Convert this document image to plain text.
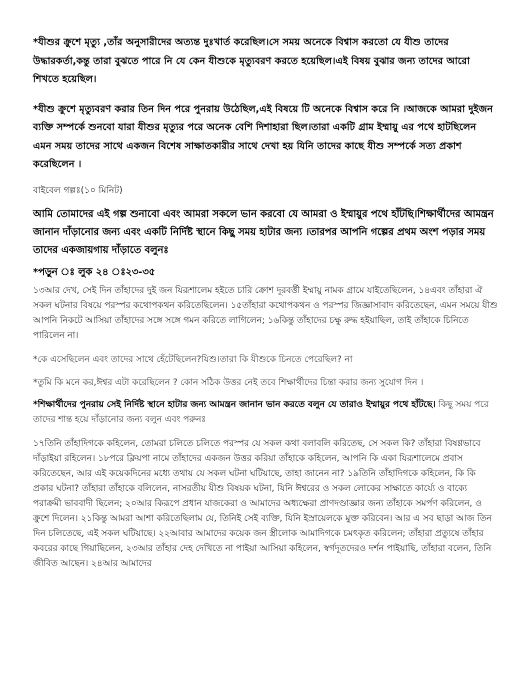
*যীশুর ক্রুশে মৃত্যু ,তাঁর অনুসারীদের অত্যন্ত দুঃখার্ত করেছিল।সে সময় অনেকে বিশ্বাস করতো যে যীশু তাদের উদ্ধারকর্তা,কন্তু তারা বুঝতে পারে নি যে কেন যীশুকে মৃত্যুবরণ করতে হয়েছিল।এই বিষয় বুঝার জন্য তাদের আরো শিখতে হয়েছিল।

*যীশু ক্রুশে মৃত্যুবরণ করার তিন দিন পরে পুনরায় উঠেছিল,এই বিষয়ে টি অনেকে বিশ্বাস করে নি ।আজকে আমরা দুইজন ব্যক্তি সম্পর্কে শুনবো যারা যীশুর মৃত্যুর পরে অনেক বেশি দিশাহারা ছিল।তারা একটি গ্রাম ইম্মায়ু এর পথে হাটছিলেন এমন সময় তাদের সাথে একজন বিশেষ সাক্ষাতকারীর সাথে দেখা হয় যিনি তাদের কাছে যীশু সম্পর্কে সত্য প্রকাশ করেছিলেন ।

বাইবেল গল্পঃ(১০ মিনিট)

আমি তোমাদের এই গল্প শুনাবো এবং আমরা সকলে ভান করবো যে আমরা ও ইম্মায়ুর পথে হাঁটছি।শিক্ষার্থীদের আমন্ত্রন জানান দাঁড়ানোর জন্য এবং একটি নির্দিষ্ট স্থানে কিছু সময় হাটার জন্য ।তারপর আপনি গল্পের প্রথম অংশ পড়ার সময় তাদের একজায়গায় দাঁড়াতে বলুনঃ

*পড়ুন ঃ লুক ২৪ ঃ২৩-৩৫

১৩আর দেখ, সেই দিন তাঁহাদের দুই জন যিরূশালেম হইতে চারি ক্রোশ দূরবর্ত্তী ইম্মায়ু নামক গ্রামে যাইতেছিলেন, ১৪এবং তাঁহারা ঐ সকল ঘটনার বিষয়ে পরস্পর কথোপকথন করিতেছিলেন। ১৫তাঁহারা কথোপকথন ও পরস্পর জিজ্ঞাসাবাদ করিতেছেন, এমন সময়ে যীশু আপনি নিকটে আসিয়া তাঁহাদের সঙ্গে সঙ্গে গমন করিতে লাগিলেন; ১৬কিন্তু তাঁহাদের চক্ষু রুদ্ধ হইয়াছিল, তাই তাঁহাকে চিনিতে পারিলেন না।

*কে এসেছিলেন এবং তাদের সাথে হেঁটেছিলেন?যিশু।তারা কি যীশুকে চিনতে পেরেছিল? না

*তুমি কি মনে কর,ঈশ্বর এটা করেছিলেন ? কোন সঠিক উত্তর নেই তবে শিক্ষার্থীদের চিন্তা করার জন্য সুযোগ দিন ।

*শিক্ষার্থীদের পুনরায় সেই নির্দিষ্ট স্থানে হাটার জন্য আমন্ত্রন জানান ভান করতে বলুন যে তারাও ইম্মায়ুর পথে হাঁটছে। কিছু সময় পরে তাদের শান্ত হয়ে দাঁড়ানোর জন্য বলুন এবং পরুনঃ

১৭তিনি তাঁহাদিগকে কহিলেন, তোমরা চলিতে চলিতে পরস্পর যে সকল কথা বলাবলি করিতেছ, সে সকল কি? তাঁহারা বিষণ্ণভাবে দাঁড়াইয়া রহিলেন। ১৮পরে ক্লিয়পা নামে তাঁহাদের একজন উত্তর করিয়া তাঁহাকে কহিলেন, আপনি কি একা যিরূশালেমে প্রবাস করিতেছেন, আর এই কয়েকদিনের মধ্যে তথায় যে সকল ঘটনা ঘটিয়াছে, তাহা জানেন না? ১৯তিনি তাঁহাদিগকে কহিলেন, কি কি প্রকার ঘটনা? তাঁহারা তাঁহাকে বলিলেন, নাসরতীয় যীশু বিষয়ক ঘটনা, যিনি ঈশ্বরের ও সকল লোকের সাক্ষাতে কার্য্যে ও বাক্যে পরাক্রমী ভাববাদী ছিলেন; ২০আর কিরূপে প্রধান যাজকেরা ও আমাদের অধ্যক্ষেরা প্রাণদণ্ডাজ্ঞার জন্য তাঁহাকে সমর্পণ করিলেন, ও ক্রুশে দিলেন। ২১কিন্তু আমরা আশা করিতেছিলাম যে, তিনিই সেই ব্যক্তি, যিনি ইস্রায়েলকে মুক্ত করিবেন। আর এ সব ছাড়া আজ তিন দিন চলিতেছে, এই সকল ঘটিয়াছে। ২২আবার আমাদের কয়েক জন স্ত্রীলোক আমাদিগকে চমৎকৃত করিলেন; তাঁহারা প্রত্যুষে তাঁহার কবরের কাছে গিয়াছিলেন, ২৩আর তাঁহার দেহ দেখিতে না পাইয়া আসিয়া কহিলেন, স্বর্গদূতদেরও দর্শন পাইয়াছি, তাঁহারা বলেন, তিনি জীবিত আছেন। ২৪আর আমাদের
